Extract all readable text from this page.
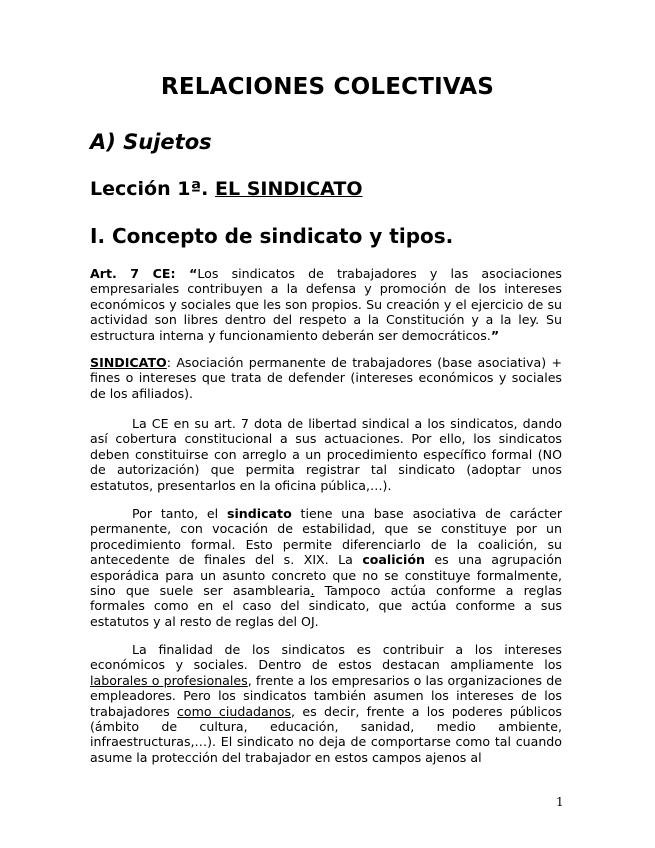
RELACIONES COLECTIVAS
A) Sujetos
Lección 1ª. EL SINDICATO
I. Concepto de sindicato y tipos.
Art. 7 CE: “Los sindicatos de trabajadores y las asociaciones empresariales contribuyen a la defensa y promoción de los intereses económicos y sociales que les son propios. Su creación y el ejercicio de su actividad son libres dentro del respeto a la Constitución y a la ley. Su estructura interna y funcionamiento deberán ser democráticos.”
SINDICATO: Asociación permanente de trabajadores (base asociativa) + fines o intereses que trata de defender (intereses económicos y sociales de los afiliados).
La CE en su art. 7 dota de libertad sindical a los sindicatos, dando así cobertura constitucional a sus actuaciones. Por ello, los sindicatos deben constituirse con arreglo a un procedimiento específico formal (NO de autorización) que permita registrar tal sindicato (adoptar unos estatutos, presentarlos en la oficina pública,…).
Por tanto, el sindicato tiene una base asociativa de carácter permanente, con vocación de estabilidad, que se constituye por un procedimiento formal. Esto permite diferenciarlo de la coalición, su antecedente de finales del s. XIX. La coalición es una agrupación esporádica para un asunto concreto que no se constituye formalmente, sino que suele ser asamblearia. Tampoco actúa conforme a reglas formales como en el caso del sindicato, que actúa conforme a sus estatutos y al resto de reglas del OJ.
La finalidad de los sindicatos es contribuir a los intereses económicos y sociales. Dentro de estos destacan ampliamente los laborales o profesionales, frente a los empresarios o las organizaciones de empleadores. Pero los sindicatos también asumen los intereses de los trabajadores como ciudadanos, es decir, frente a los poderes públicos (ámbito de cultura, educación, sanidad, medio ambiente, infraestructuras,…). El sindicato no deja de comportarse como tal cuando asume la protección del trabajador en estos campos ajenos al
1
